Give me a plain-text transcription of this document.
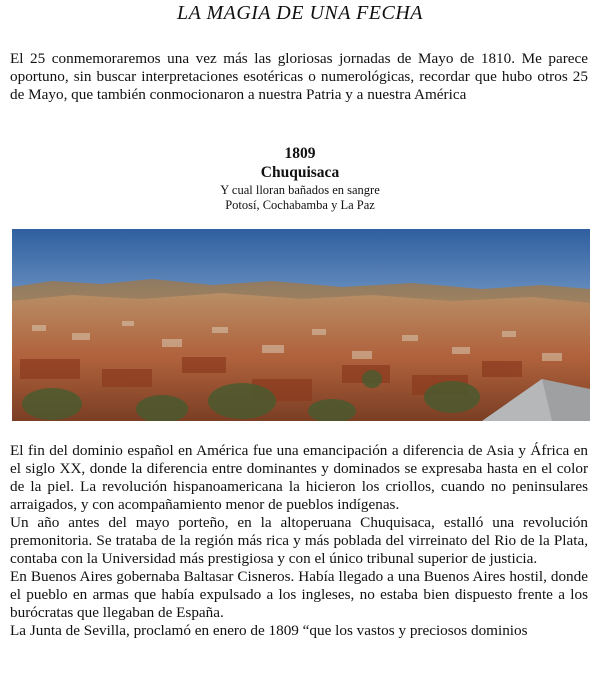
LA MAGIA DE UNA FECHA
El 25 conmemoraremos una vez más las gloriosas jornadas de Mayo de 1810. Me parece oportuno, sin buscar interpretaciones esotéricas o numerológicas, recordar que hubo otros 25 de Mayo, que también conmocionaron a nuestra Patria y a nuestra América
1809
Chuquisaca
Y cual lloran bañados en sangre
Potosí, Cochabamba y La Paz

El fin del dominio español en América fue una emancipación a diferencia de Asia y África en el siglo XX, donde la diferencia entre dominantes y dominados se expresaba hasta en el color de la piel. La revolución hispanoamericana la hicieron los criollos, cuando no peninsulares arraigados, y con acompañamiento menor de pueblos indígenas.

Un año antes del mayo porteño, en la altoperuana Chuquisaca, estalló una revolución premonitoria. Se trataba de la región más rica y más poblada del virreinato del Rio de la Plata, contaba con la Universidad más prestigiosa y con el único tribunal superior de justicia.

En Buenos Aires gobernaba Baltasar Cisneros. Había llegado a una Buenos Aires hostil, donde el pueblo en armas que había expulsado a los ingleses, no estaba bien dispuesto frente a los burócratas que llegaban de España.

La Junta de Sevilla, proclamó en enero de 1809 “que los vastos y preciosos dominios
